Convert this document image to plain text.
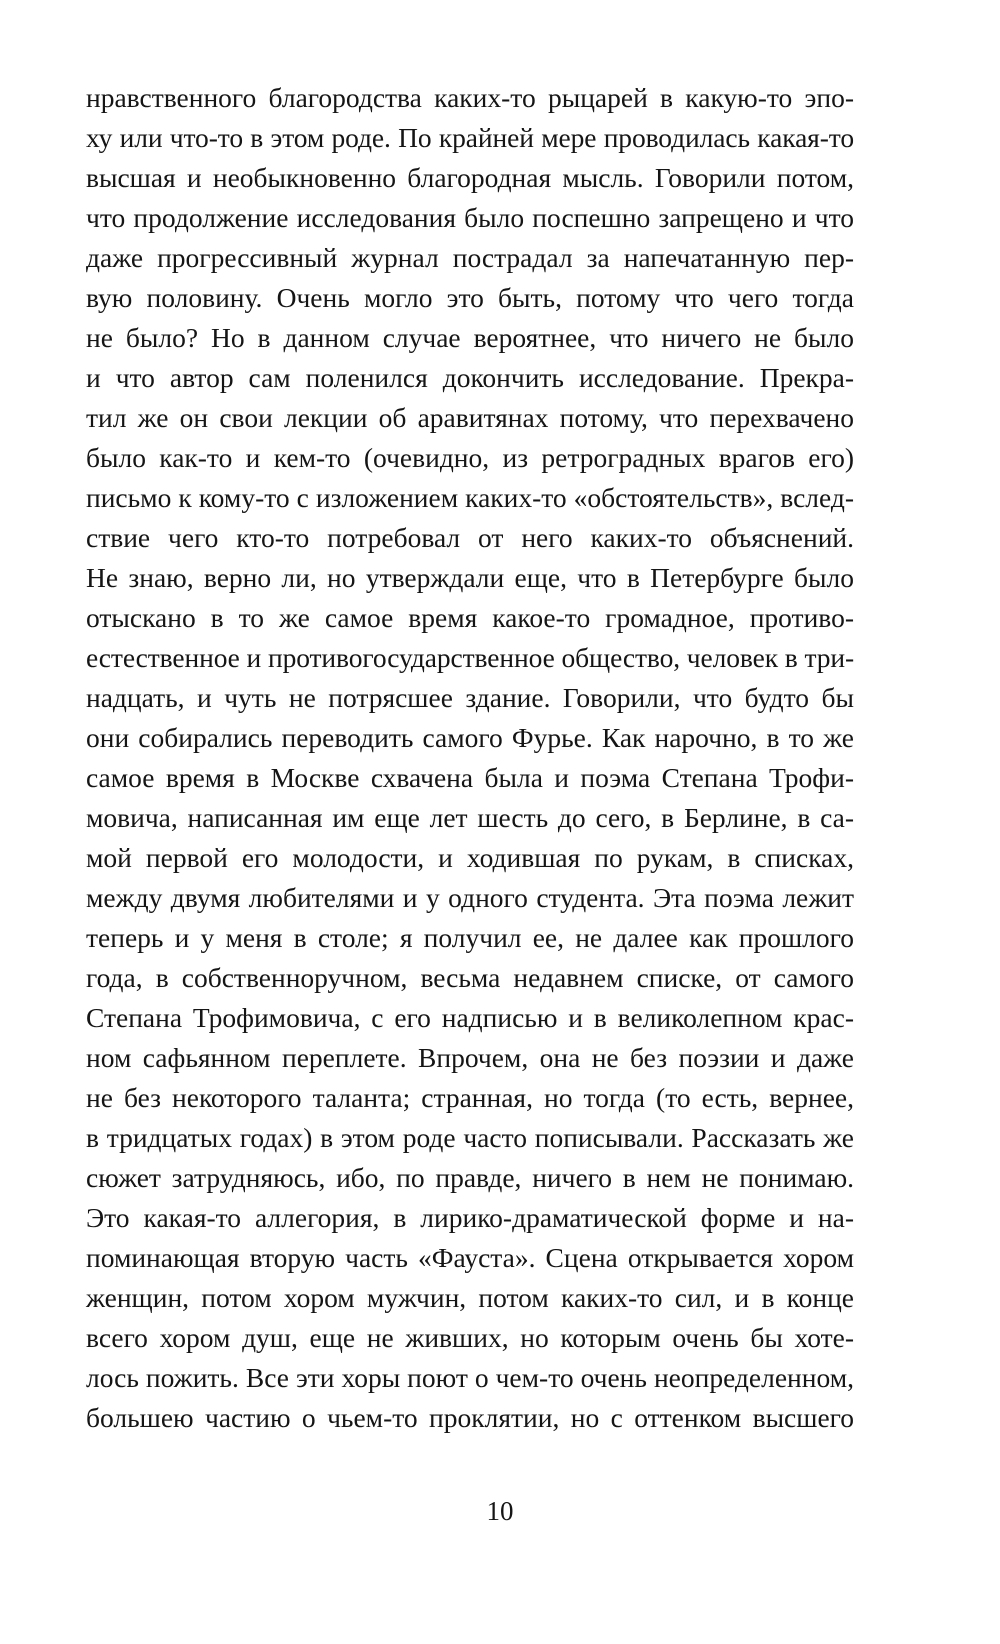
нравственного благородства каких-то рыцарей в какую-то эпо-
ху или что-то в этом роде. По крайней мере проводилась какая-то
высшая и необыкновенно благородная мысль. Говорили потом,
что продолжение исследования было поспешно запрещено и что
даже прогрессивный журнал пострадал за напечатанную пер-
вую половину. Очень могло это быть, потому что чего тогда
не было? Но в данном случае вероятнее, что ничего не было
и что автор сам поленился докончить исследование. Прекра-
тил же он свои лекции об аравитянах потому, что перехвачено
было как-то и кем-то (очевидно, из ретроградных врагов его)
письмо к кому-то с изложением каких-то «обстоятельств», вслед-
ствие чего кто-то потребовал от него каких-то объяснений.
Не знаю, верно ли, но утверждали еще, что в Петербурге было
отыскано в то же самое время какое-то громадное, противо-
естественное и противогосударственное общество, человек в три-
надцать, и чуть не потрясшее здание. Говорили, что будто бы
они собирались переводить самого Фурье. Как нарочно, в то же
самое время в Москве схвачена была и поэма Степана Трофи-
мовича, написанная им еще лет шесть до сего, в Берлине, в са-
мой первой его молодости, и ходившая по рукам, в списках,
между двумя любителями и у одного студента. Эта поэма лежит
теперь и у меня в столе; я получил ее, не далее как прошлого
года, в собственноручном, весьма недавнем списке, от самого
Степана Трофимовича, с его надписью и в великолепном крас-
ном сафьянном переплете. Впрочем, она не без поэзии и даже
не без некоторого таланта; странная, но тогда (то есть, вернее,
в тридцатых годах) в этом роде часто пописывали. Рассказать же
сюжет затрудняюсь, ибо, по правде, ничего в нем не понимаю.
Это какая-то аллегория, в лирико-драматической форме и на-
поминающая вторую часть «Фауста». Сцена открывается хором
женщин, потом хором мужчин, потом каких-то сил, и в конце
всего хором душ, еще не живших, но которым очень бы хоте-
лось пожить. Все эти хоры поют о чем-то очень неопределенном,
большею частию о чьем-то проклятии, но с оттенком высшего
10
